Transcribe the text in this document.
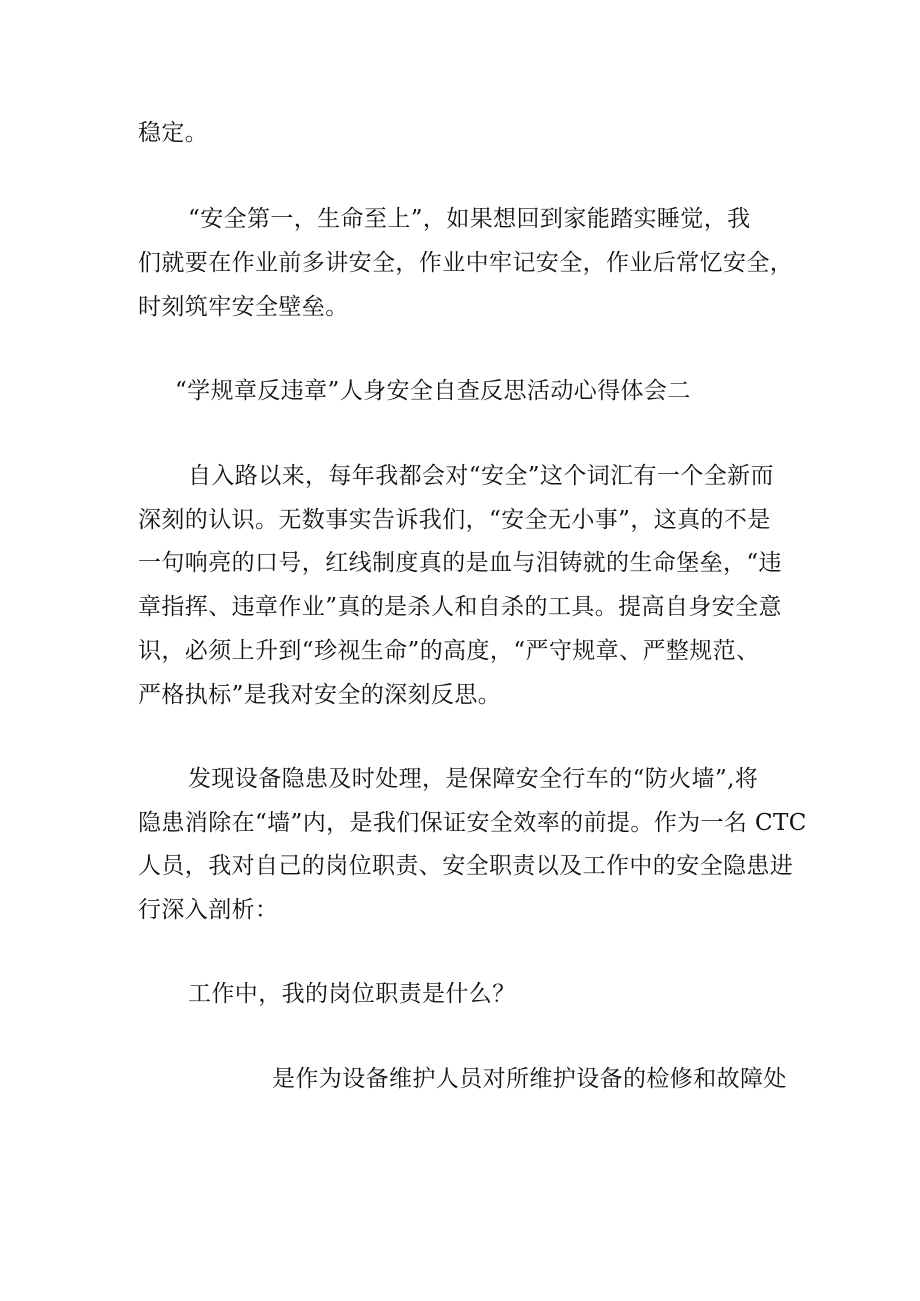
稳定。
“安全第一，生命至上”，如果想回到家能踏实睡觉，我
们就要在作业前多讲安全，作业中牢记安全，作业后常忆安全，
时刻筑牢安全壁垒。
“学规章反违章”人身安全自查反思活动心得体会二
自入路以来，每年我都会对“安全”这个词汇有一个全新而
深刻的认识。无数事实告诉我们，“安全无小事”，这真的不是
一句响亮的口号，红线制度真的是血与泪铸就的生命堡垒，“违
章指挥、违章作业”真的是杀人和自杀的工具。提高自身安全意
识，必须上升到“珍视生命”的高度，“严守规章、严整规范、
严格执标”是我对安全的深刻反思。
发现设备隐患及时处理，是保障安全行车的“防火墙”,将
隐患消除在“墙”内，是我们保证安全效率的前提。作为一名 CTC
人员，我对自己的岗位职责、安全职责以及工作中的安全隐患进
行深入剖析：
工作中，我的岗位职责是什么？
是作为设备维护人员对所维护设备的检修和故障处
